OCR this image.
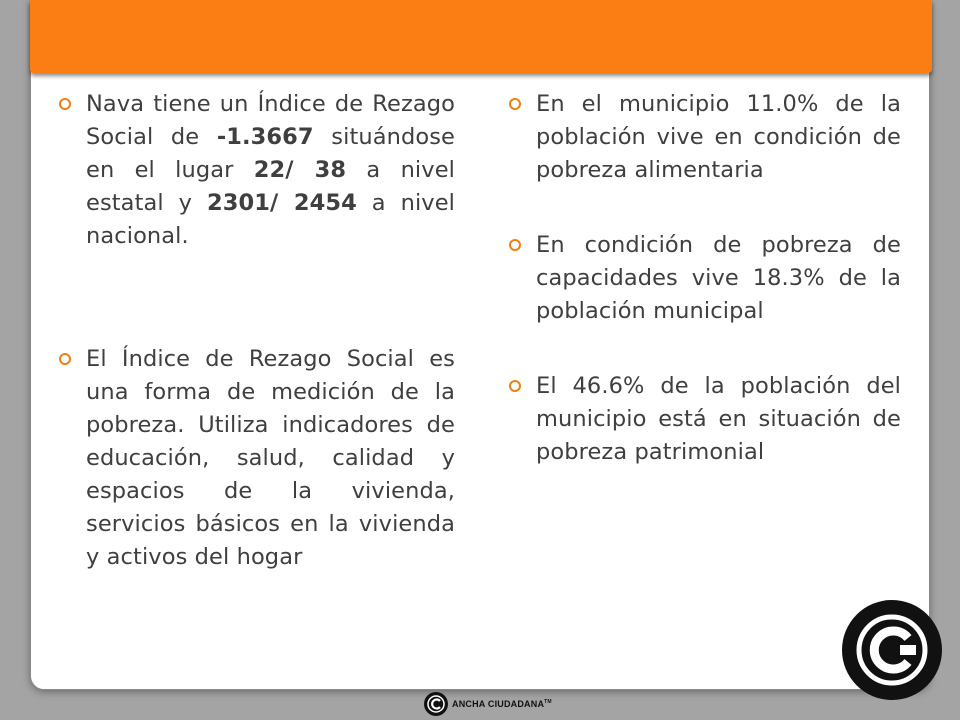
Nava tiene un Índice de Rezago Social de -1.3667 situándose en el lugar 22/ 38 a nivel estatal y 2301/ 2454 a nivel nacional.
El Índice de Rezago Social es una forma de medición de la pobreza. Utiliza indicadores de educación, salud, calidad y espacios de la vivienda, servicios básicos en la vivienda y activos del hogar
En el municipio 11.0% de la población vive en condición de pobreza alimentaria
En condición de pobreza de capacidades vive 18.3% de la población municipal
El 46.6% de la población del municipio está en situación de pobreza patrimonial
ANCHA CIUDADANA™
